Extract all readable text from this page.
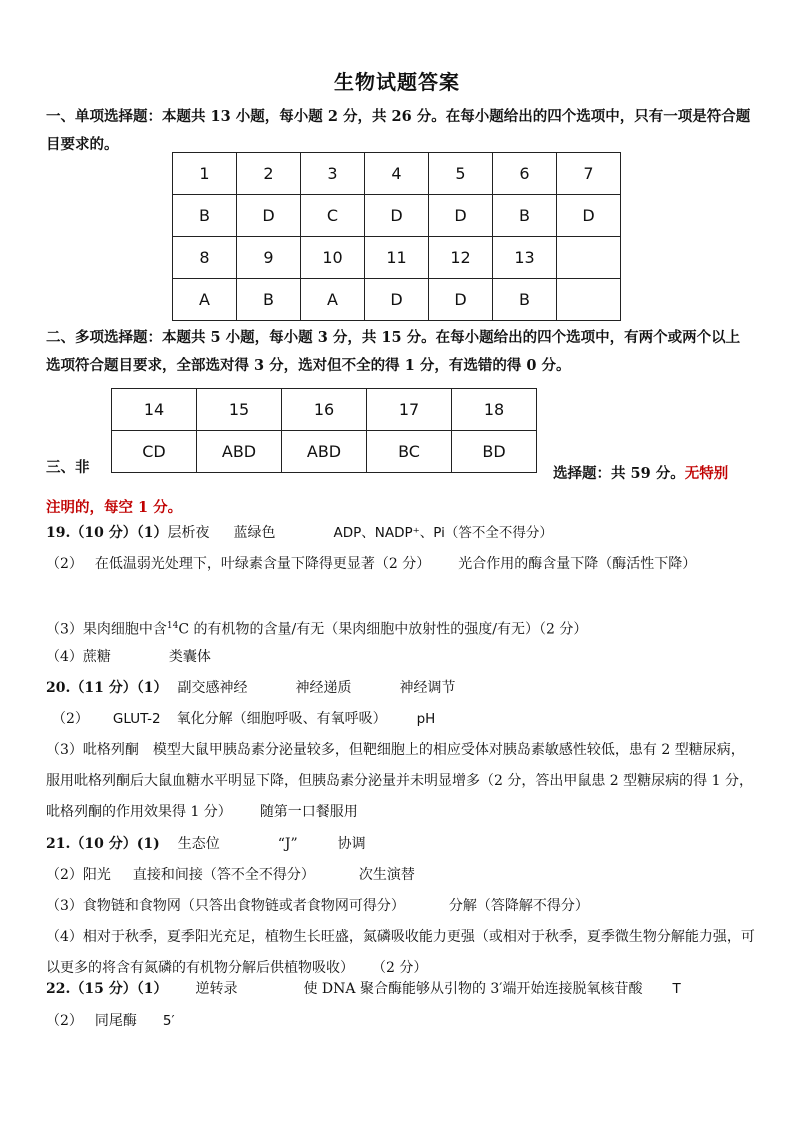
生物试题答案
一、单项选择题：本题共 13 小题，每小题 2 分，共 26 分。在每小题给出的四个选项中，只有一项是符合题目要求的。
1	2	3	4	5	6	7
B	D	C	D	D	B	D
8	9	10	11	12	13	
A	B	A	D	D	B	
二、多项选择题：本题共 5 小题，每小题 3 分，共 15 分。在每小题给出的四个选项中，有两个或两个以上选项符合题目要求，全部选对得 3 分，选对但不全的得 1 分，有选错的得 0 分。
14	15	16	17	18
CD	ABD	ABD	BC	BD
三、非	选择题：共 59 分。无特别
注明的，每空 1 分。
19.（10 分）（1）层析夜 蓝绿色	ADP、NADP⁺、Pi（答不全不得分）
（2） 在低温弱光处理下，叶绿素含量下降得更显著（2 分） 光合作用的酶含量下降（酶活性下降）
（3）果肉细胞中含$^{14}$C 的有机物的含量/有无（果肉细胞中放射性的强度/有无）（2 分）
（4）蔗糖	类囊体
20.（11 分）（1） 副交感神经	神经递质	神经调节
（2） GLUT-2 氧化分解（细胞呼吸、有氧呼吸） pH
（3）吡格列酮　模型大鼠甲胰岛素分泌量较多，但靶细胞上的相应受体对胰岛素敏感性较低，患有 2 型糖尿病，服用吡格列酮后大鼠血糖水平明显下降，但胰岛素分泌量并未明显增多（2 分，答出甲鼠患 2 型糖尿病的得 1 分，吡格列酮的作用效果得 1 分） 随第一口餐服用
21.（10 分）(1) 生态位	“J”	协调
（2）阳光 直接和间接（答不全不得分）	次生演替
（3）食物链和食物网（只答出食物链或者食物网可得分）	分解（答降解不得分）
（4）相对于秋季，夏季阳光充足，植物生长旺盛，氮磷吸收能力更强（或相对于秋季，夏季微生物分解能力强，可以更多的将含有氮磷的有机物分解后供植物吸收） （2 分）
22.（15 分）（1） 逆转录	使 DNA 聚合酶能够从引物的 3′端开始连接脱氧核苷酸 T
（2） 同尾酶 5′
